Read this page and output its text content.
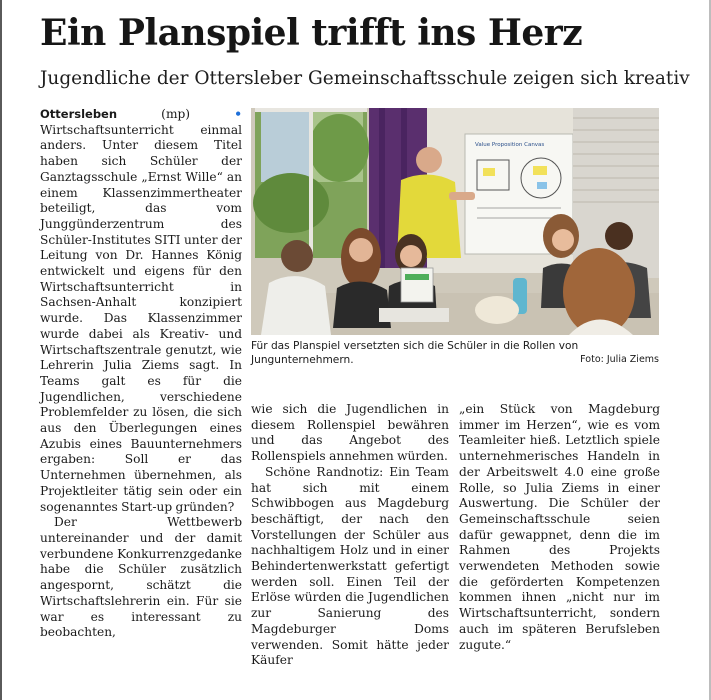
Ein Planspiel trifft ins Herz
Jugendliche der Ottersleber Gemeinschaftsschule zeigen sich kreativ

Ottersleben (mp) • Wirtschaftsunterricht einmal anders. Unter diesem Titel haben sich Schüler der Ganztagsschule „Ernst Wille“ an einem Klassenzimmertheater beteiligt, das vom Junggünderzentrum des Schüler-Institutes SITI unter der Leitung von Dr. Hannes König entwickelt und eigens für den Wirtschaftsunterricht in Sachsen-Anhalt konzipiert wurde. Das Klassenzimmer wurde dabei als Kreativ- und Wirtschaftszentrale genutzt, wie Lehrerin Julia Ziems sagt. In Teams galt es für die Jugendlichen, verschiedene Problemfelder zu lösen, die sich aus den Überlegungen eines Azubis eines Bauunternehmers ergaben: Soll er das Unternehmen übernehmen, als Projektleiter tätig sein oder ein sogenanntes Start-up gründen?

Der Wettbewerb untereinander und der damit verbundene Konkurrenzgedanke habe die Schüler zusätzlich angespornt, schätzt die Wirtschaftslehrerin ein. Für sie war es interessant zu beobachten,

Value Proposition Canvas
Für das Planspiel versetzten sich die Schüler in die Rollen von Jungunternehmern.	Foto: Julia Ziems

wie sich die Jugendlichen in diesem Rollenspiel bewähren und das Angebot des Rollenspiels annehmen würden.

Schöne Randnotiz: Ein Team hat sich mit einem Schwibbogen aus Magdeburg beschäftigt, der nach den Vorstellungen der Schüler aus nachhaltigem Holz und in einer Behindertenwerkstatt gefertigt werden soll. Einen Teil der Erlöse würden die Jugendlichen zur Sanierung des Magdeburger Doms verwenden. Somit hätte jeder Käufer

„ein Stück von Magdeburg immer im Herzen“, wie es vom Teamleiter hieß. Letztlich spiele unternehmerisches Handeln in der Arbeitswelt 4.0 eine große Rolle, so Julia Ziems in einer Auswertung. Die Schüler der Gemeinschaftsschule seien dafür gewappnet, denn die im Rahmen des Projekts verwendeten Methoden sowie die geförderten Kompetenzen kommen ihnen „nicht nur im Wirtschaftsunterricht, sondern auch im späteren Berufsleben zugute.“
